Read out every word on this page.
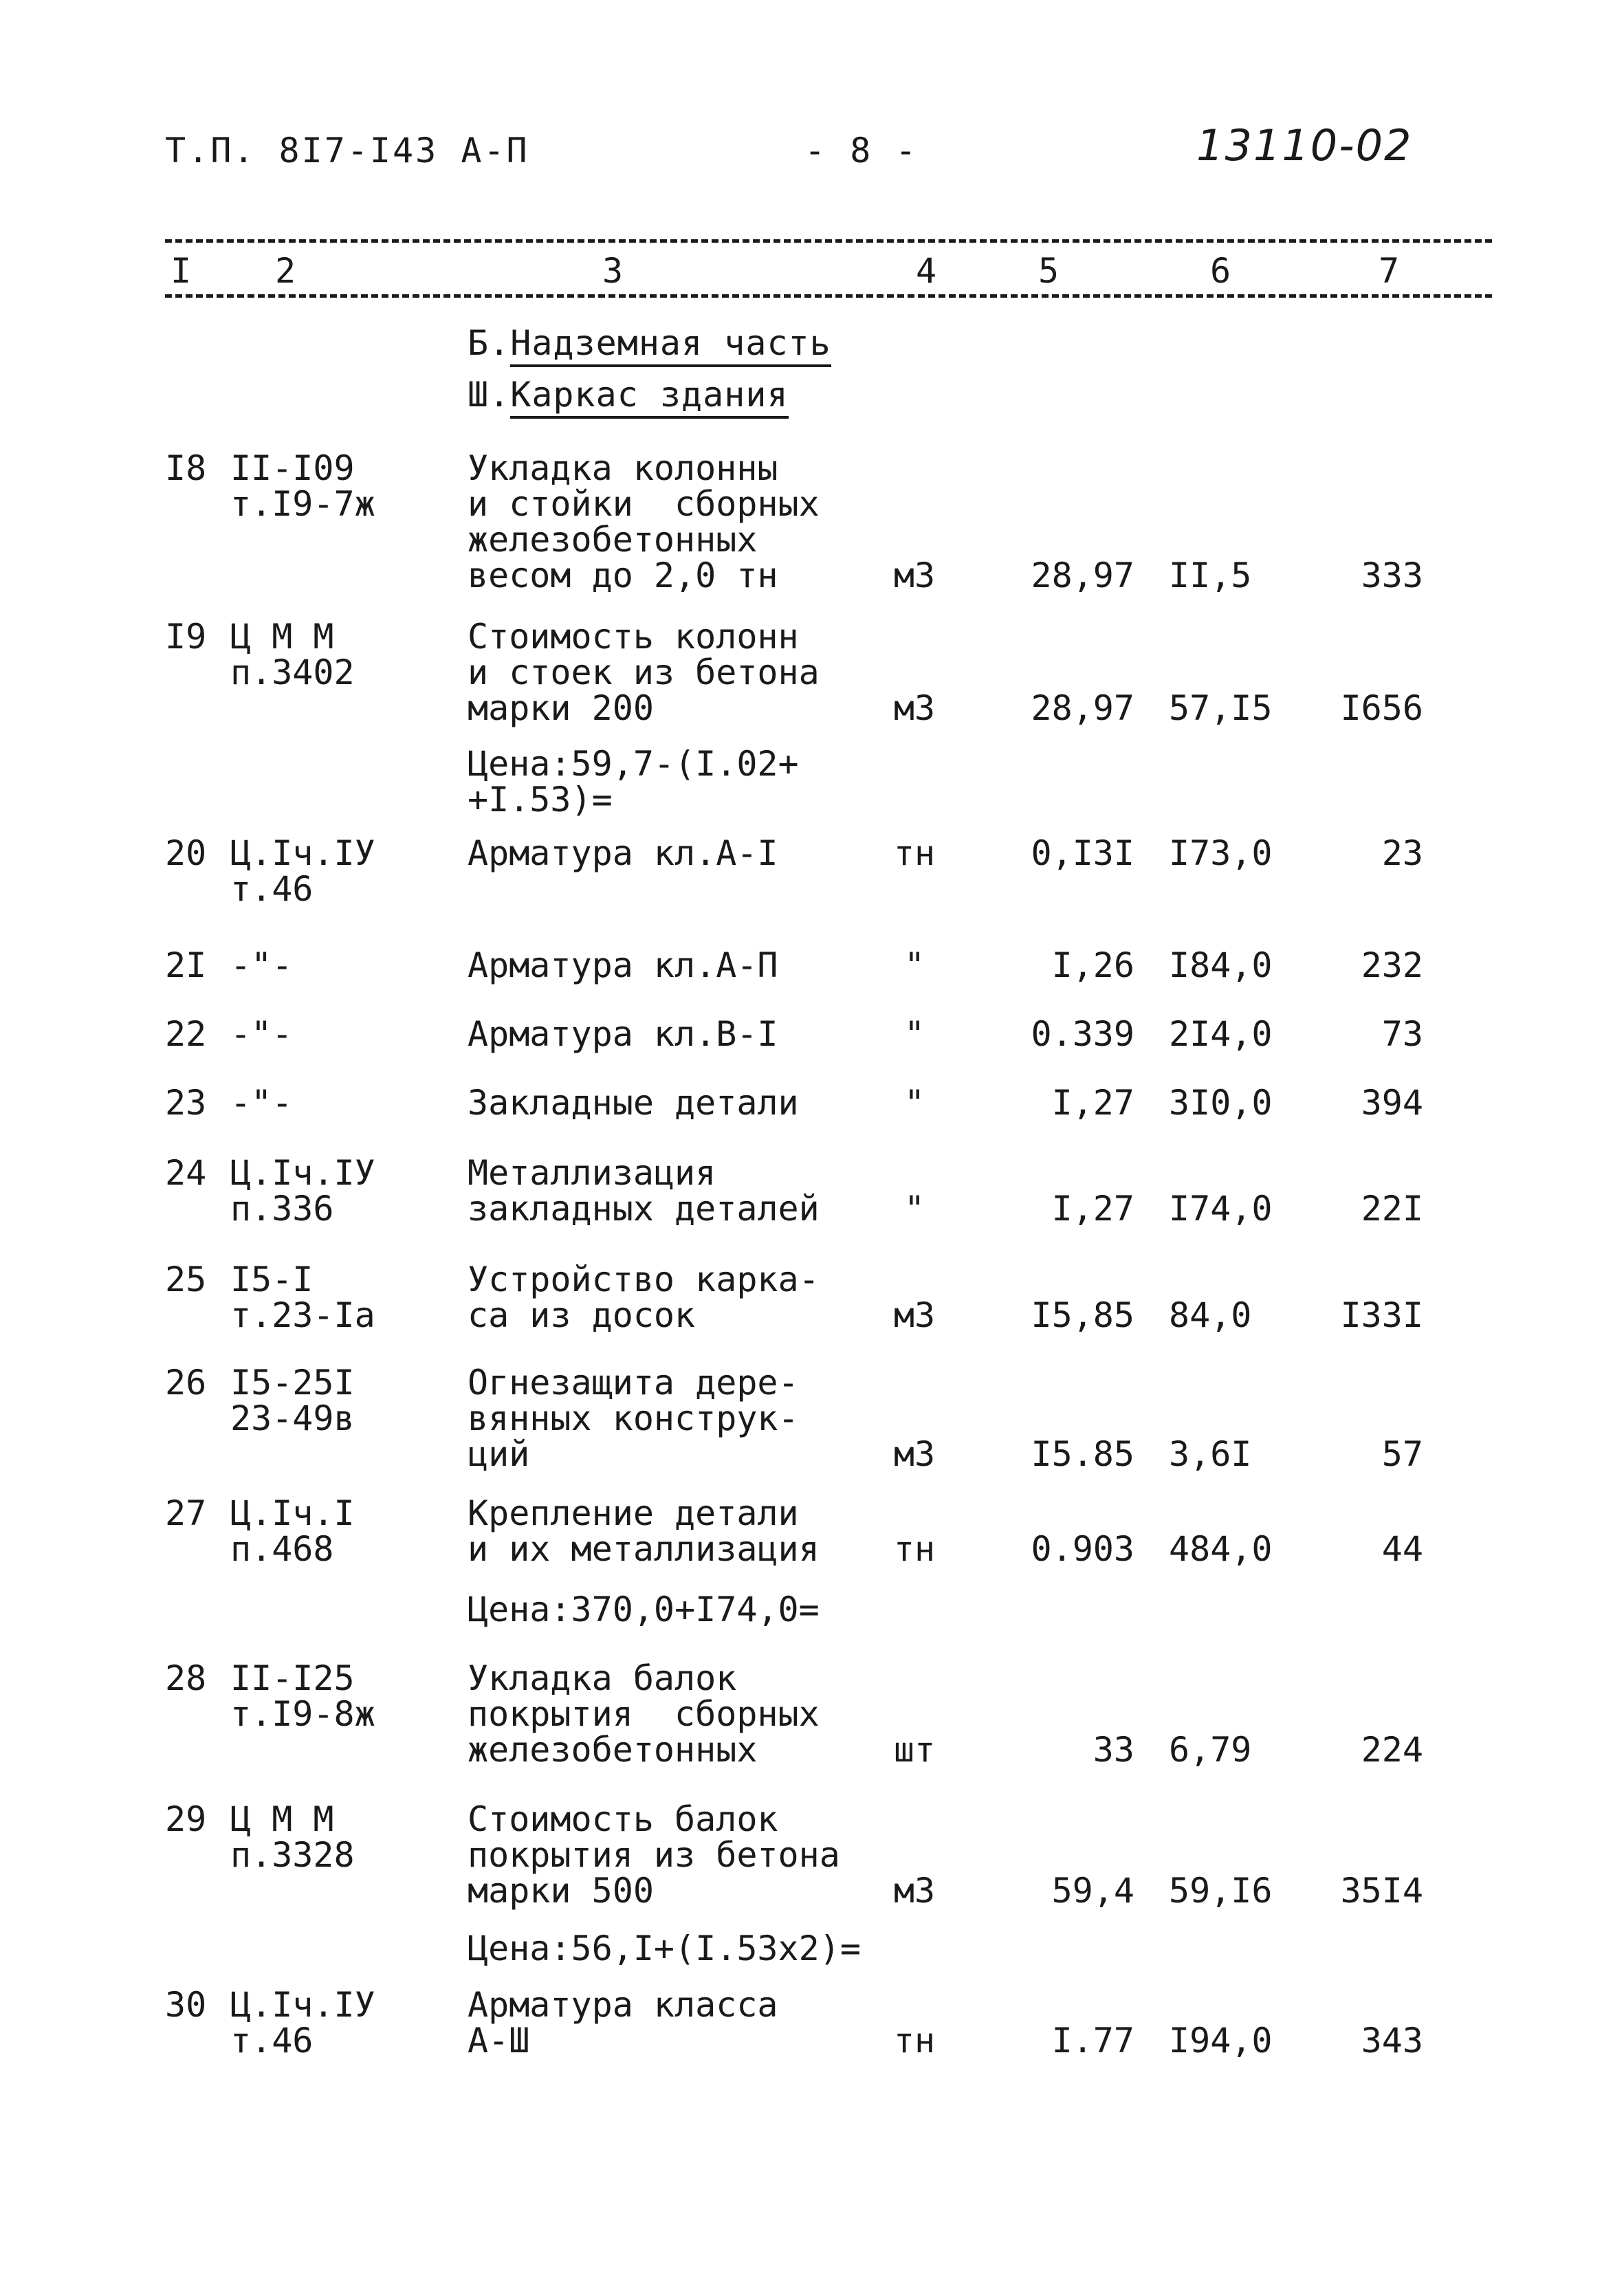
Т.П. 8I7-I43 А-П	- 8 -	13110-02
I 2	3	4	5	6	7
Б.Надземная часть
Ш.Каркас здания
I8 II-I09
т.I9-7ж
Укладка колонны
и стойки  сборных
железобетонных
весом до 2,0 тн	м3	28,97 II,5	333
I9 Ц М М
п.3402
Стоимость колонн
и стоек из бетона
марки 200	м3	28,97 57,I5	I656
Цена:59,7-(I.02+
+I.53)=
20 Ц.Iч.IУ
т.46
Арматура кл.А-I	тн	0,I3I I73,0	23
2I -"-	Арматура кл.А-П	"	I,26 I84,0	232
22 -"-	Арматура кл.В-I	"	0.339 2I4,0	73
23 -"-	Закладные детали	"	I,27 3I0,0	394
24 Ц.Iч.IУ
п.336
Металлизация
закладных деталей	"	I,27 I74,0	22I
25 I5-I
т.23-Iа
Устройство карка-
са из досок	м3	I5,85 84,0	I33I
26 I5-25I
23-49в
Огнезащита дере-
вянных конструк-
ций	м3	I5.85 3,6I	57
27 Ц.Iч.I
п.468
Крепление детали
и их металлизация	тн	0.903 484,0	44
Цена:370,0+I74,0=
28 II-I25
т.I9-8ж
Укладка балок
покрытия  сборных
железобетонных	шт	33 6,79	224
29 Ц М М
п.3328
Стоимость балок
покрытия из бетона
марки 500	м3	59,4 59,I6	35I4
Цена:56,I+(I.53х2)=
30 Ц.Iч.IУ
т.46
Арматура класса
А-Ш	тн	I.77 I94,0	343
